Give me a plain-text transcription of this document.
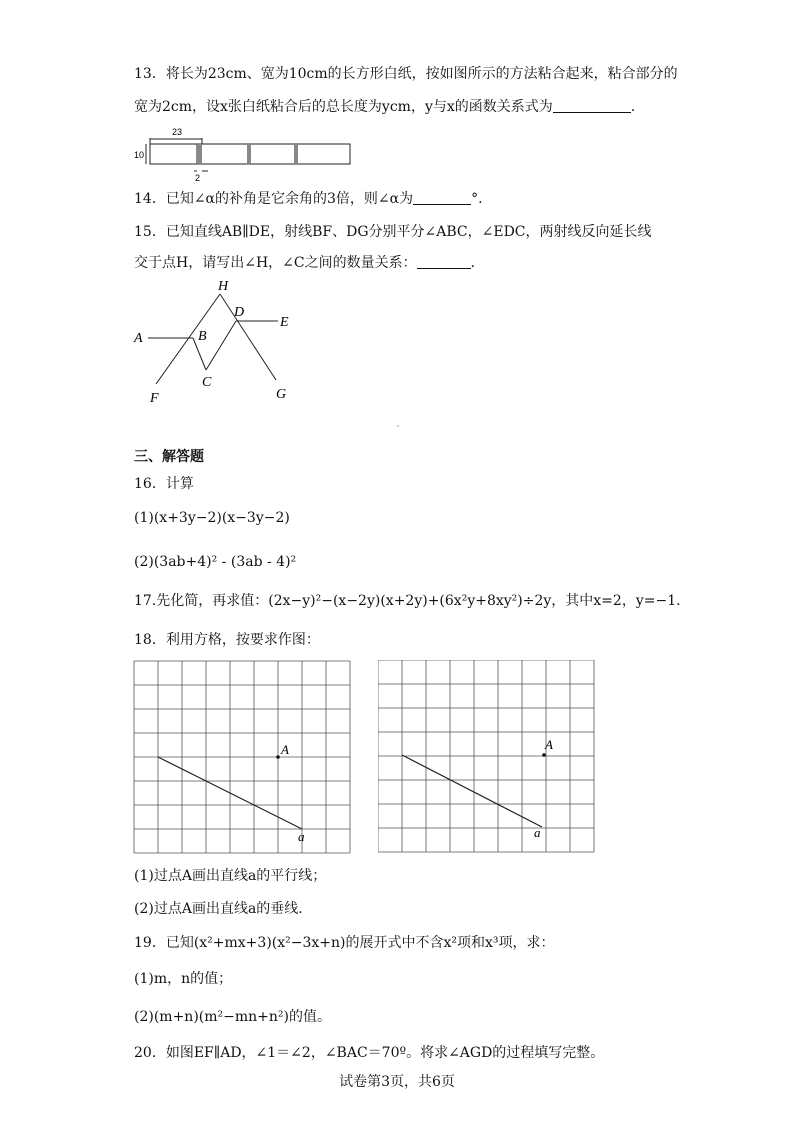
13．将长为23cm、宽为10cm的长方形白纸，按如图所示的方法粘合起来，粘合部分的
宽为2cm，设x张白纸粘合后的总长度为ycm，y与x的函数关系式为	.
23
10
2
14．已知∠α的补角是它余角的3倍，则∠α为	°.
15．已知直线AB∥DE，射线BF、DG分别平分∠ABC，∠EDC，两射线反向延长线
交于点H，请写出∠H，∠C之间的数量关系：	.
H
D
E
A	B
C
F	G
三、解答题
16．计算
(1)(x+3y−2)(x−3y−2)
(2)(3ab+4)² - (3ab - 4)²
17.先化简，再求值：(2x−y)²−(x−2y)(x+2y)+(6x²y+8xy²)÷2y，其中x=2，y=−1.
18．利用方格，按要求作图：
A
a
A
a
(1)过点A画出直线a的平行线；
(2)过点A画出直线a的垂线.
19．已知(x²+mx+3)(x²−3x+n)的展开式中不含x²项和x³项，求：
(1)m，n的值；
(2)(m+n)(m²−mn+n²)的值。
20．如图EF∥AD，∠1＝∠2，∠BAC＝70º。将求∠AGD的过程填写完整。
试卷第3页，共6页
